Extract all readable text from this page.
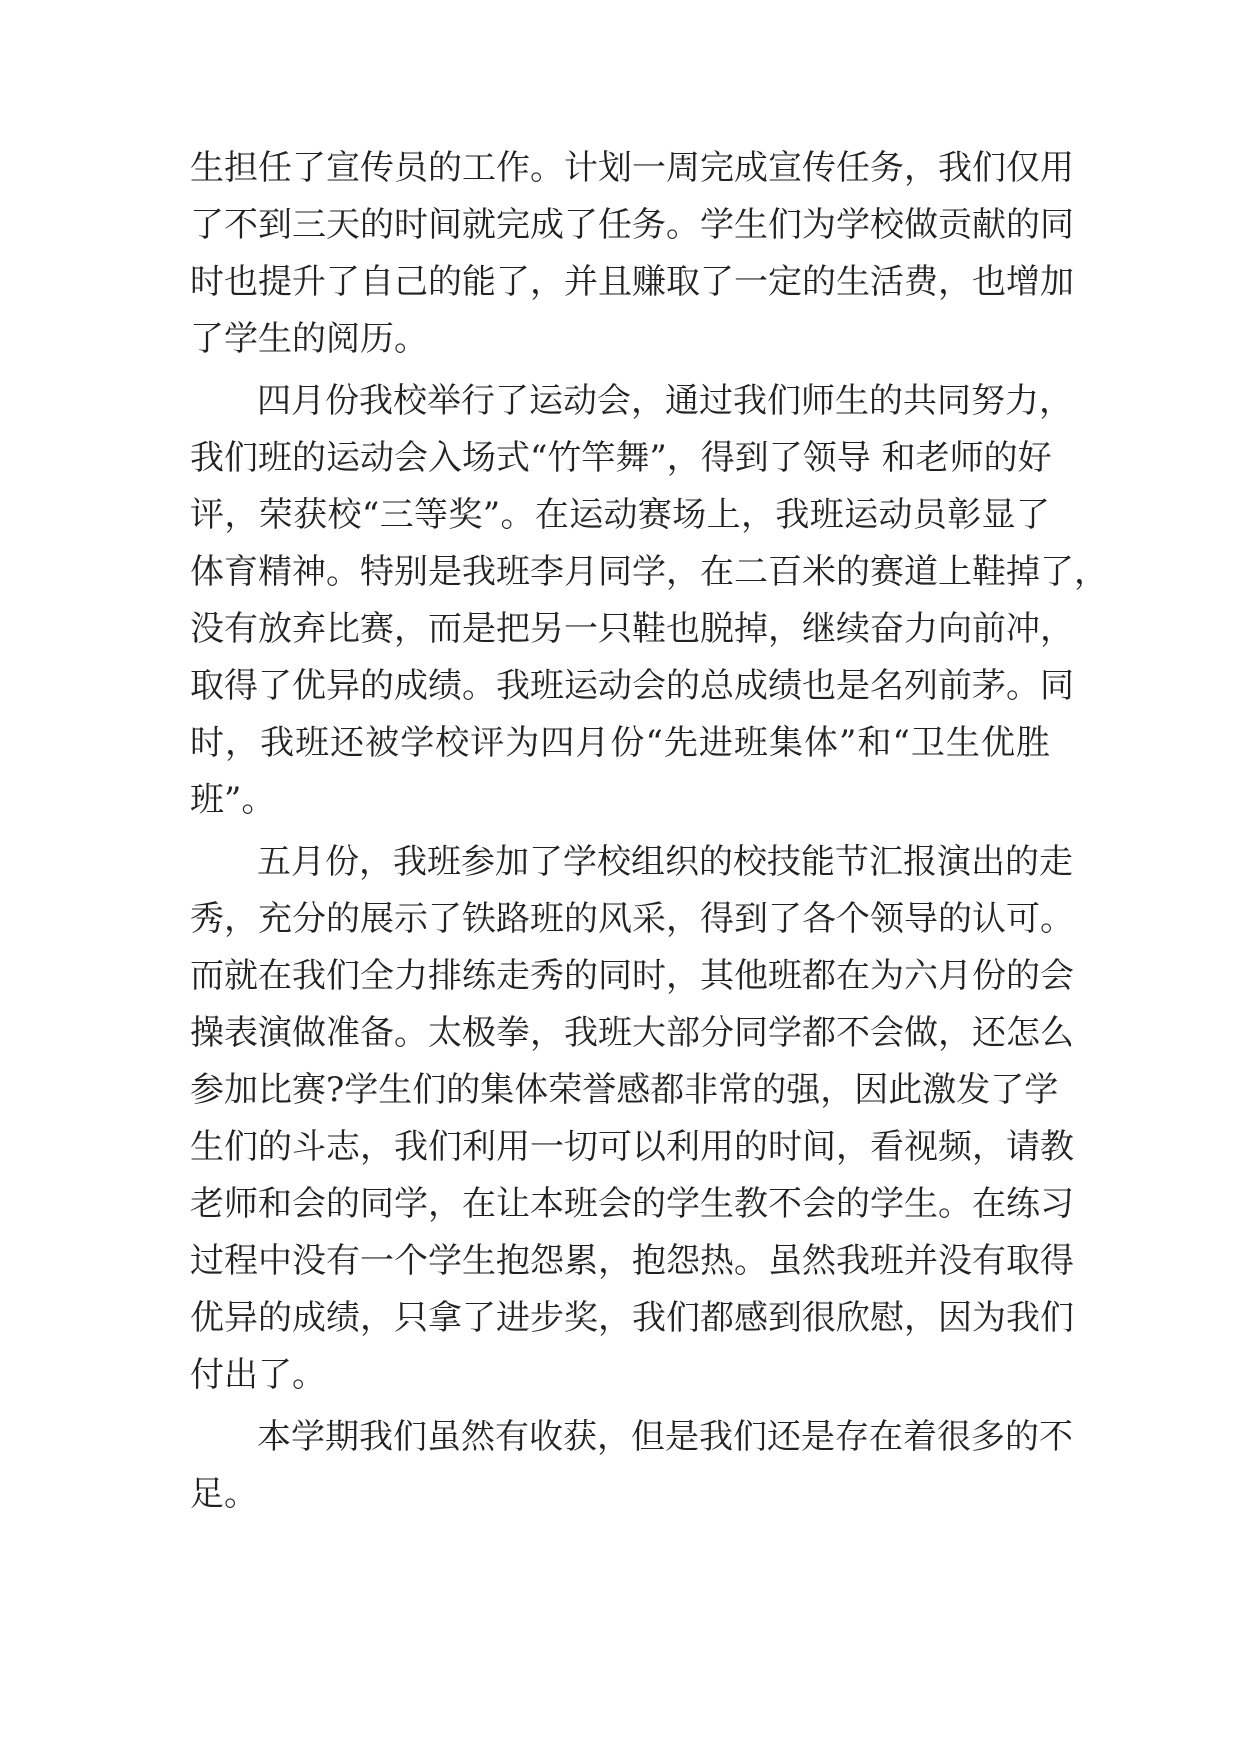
生担任了宣传员的工作。计划一周完成宣传任务，我们仅用
了不到三天的时间就完成了任务。学生们为学校做贡献的同
时也提升了自己的能了，并且赚取了一定的生活费，也增加
了学生的阅历。
四月份我校举行了运动会，通过我们师生的共同努力，
我们班的运动会入场式“竹竿舞”，得到了领导 和老师的好
评，荣获校“三等奖”。在运动赛场上，我班运动员彰显了
体育精神。特别是我班李月同学，在二百米的赛道上鞋掉了，
没有放弃比赛，而是把另一只鞋也脱掉，继续奋力向前冲，
取得了优异的成绩。我班运动会的总成绩也是名列前茅。同
时，我班还被学校评为四月份“先进班集体”和“卫生优胜
班”。
五月份，我班参加了学校组织的校技能节汇报演出的走
秀，充分的展示了铁路班的风采，得到了各个领导的认可。
而就在我们全力排练走秀的同时，其他班都在为六月份的会
操表演做准备。太极拳，我班大部分同学都不会做，还怎么
参加比赛?学生们的集体荣誉感都非常的强，因此激发了学
生们的斗志，我们利用一切可以利用的时间，看视频，请教
老师和会的同学，在让本班会的学生教不会的学生。在练习
过程中没有一个学生抱怨累，抱怨热。虽然我班并没有取得
优异的成绩，只拿了进步奖，我们都感到很欣慰，因为我们
付出了。
本学期我们虽然有收获，但是我们还是存在着很多的不
足。
